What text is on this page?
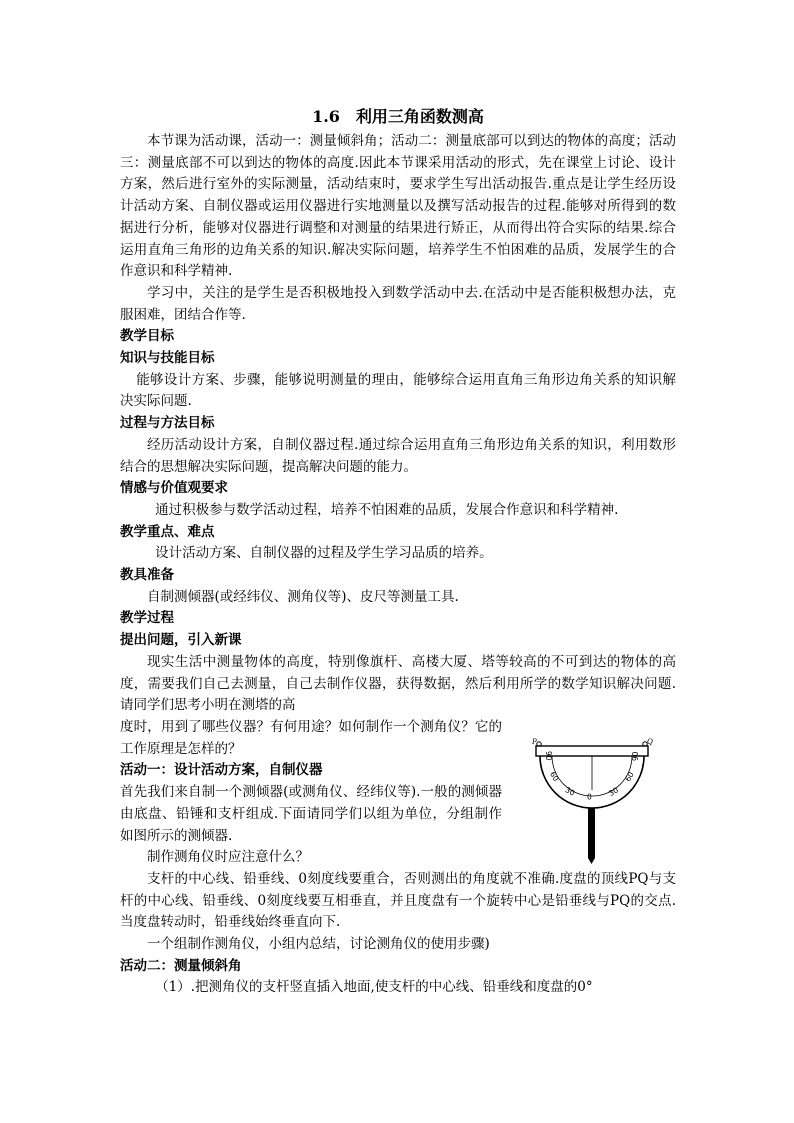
1.6　利用三角函数测高

本节课为活动课，活动一：测量倾斜角；活动二：测量底部可以到达的物体的高度；活动三：测量底部不可以到达的物体的高度.因此本节课采用活动的形式，先在课堂上讨论、设计方案，然后进行室外的实际测量，活动结束时，要求学生写出活动报告.重点是让学生经历设计活动方案、自制仪器或运用仪器进行实地测量以及撰写活动报告的过程.能够对所得到的数据进行分析，能够对仪器进行调整和对测量的结果进行矫正，从而得出符合实际的结果.综合运用直角三角形的边角关系的知识.解决实际问题，培养学生不怕困难的品质，发展学生的合作意识和科学精神.

学习中，关注的是学生是否积极地投入到数学活动中去.在活动中是否能积极想办法，克服困难，团结合作等.

教学目标
知识与技能目标

能够设计方案、步骤，能够说明测量的理由，能够综合运用直角三角形边角关系的知识解决实际问题.

过程与方法目标

经历活动设计方案，自制仪器过程.通过综合运用直角三角形边角关系的知识，利用数形结合的思想解决实际问题，提高解决问题的能力。

情感与价值观要求

通过积极参与数学活动过程，培养不怕困难的品质，发展合作意识和科学精神.

教学重点、难点

设计活动方案、自制仪器的过程及学生学习品质的培养。

教具准备

自制测倾器(或经纬仪、测角仪等)、皮尺等测量工具.

教学过程
提出问题，引入新课

现实生活中测量物体的高度，特别像旗杆、高楼大厦、塔等较高的不可到达的物体的高度，需要我们自己去测量，自己去制作仪器，获得数据，然后利用所学的数学知识解决问题.请同学们思考小明在测塔的高

度时，用到了哪些仪器？有何用途？如何制作一个测角仪？它的工作原理是怎样的？

活动一：设计活动方案，自制仪器

首先我们来自制一个测倾器(或测角仪、经纬仪等).一般的测倾器由底盘、铅锤和支杆组成.下面请同学们以组为单位，分组制作如图所示的测倾器.

制作测角仪时应注意什么？

支杆的中心线、铅垂线、0刻度线要重合，否则测出的角度就不准确.度盘的顶线PQ与支杆的中心线、铅垂线、0刻度线要互相垂直，并且度盘有一个旋转中心是铅垂线与PQ的交点.当度盘转动时，铅垂线始终垂直向下.

一个组制作测角仪，小组内总结，讨论测角仪的使用步骤)

活动二：测量倾斜角

（1）.把测角仪的支杆竖直插入地面,使支杆的中心线、铅垂线和度盘的0°

P	Q
90
60
30 0 30
60
90
